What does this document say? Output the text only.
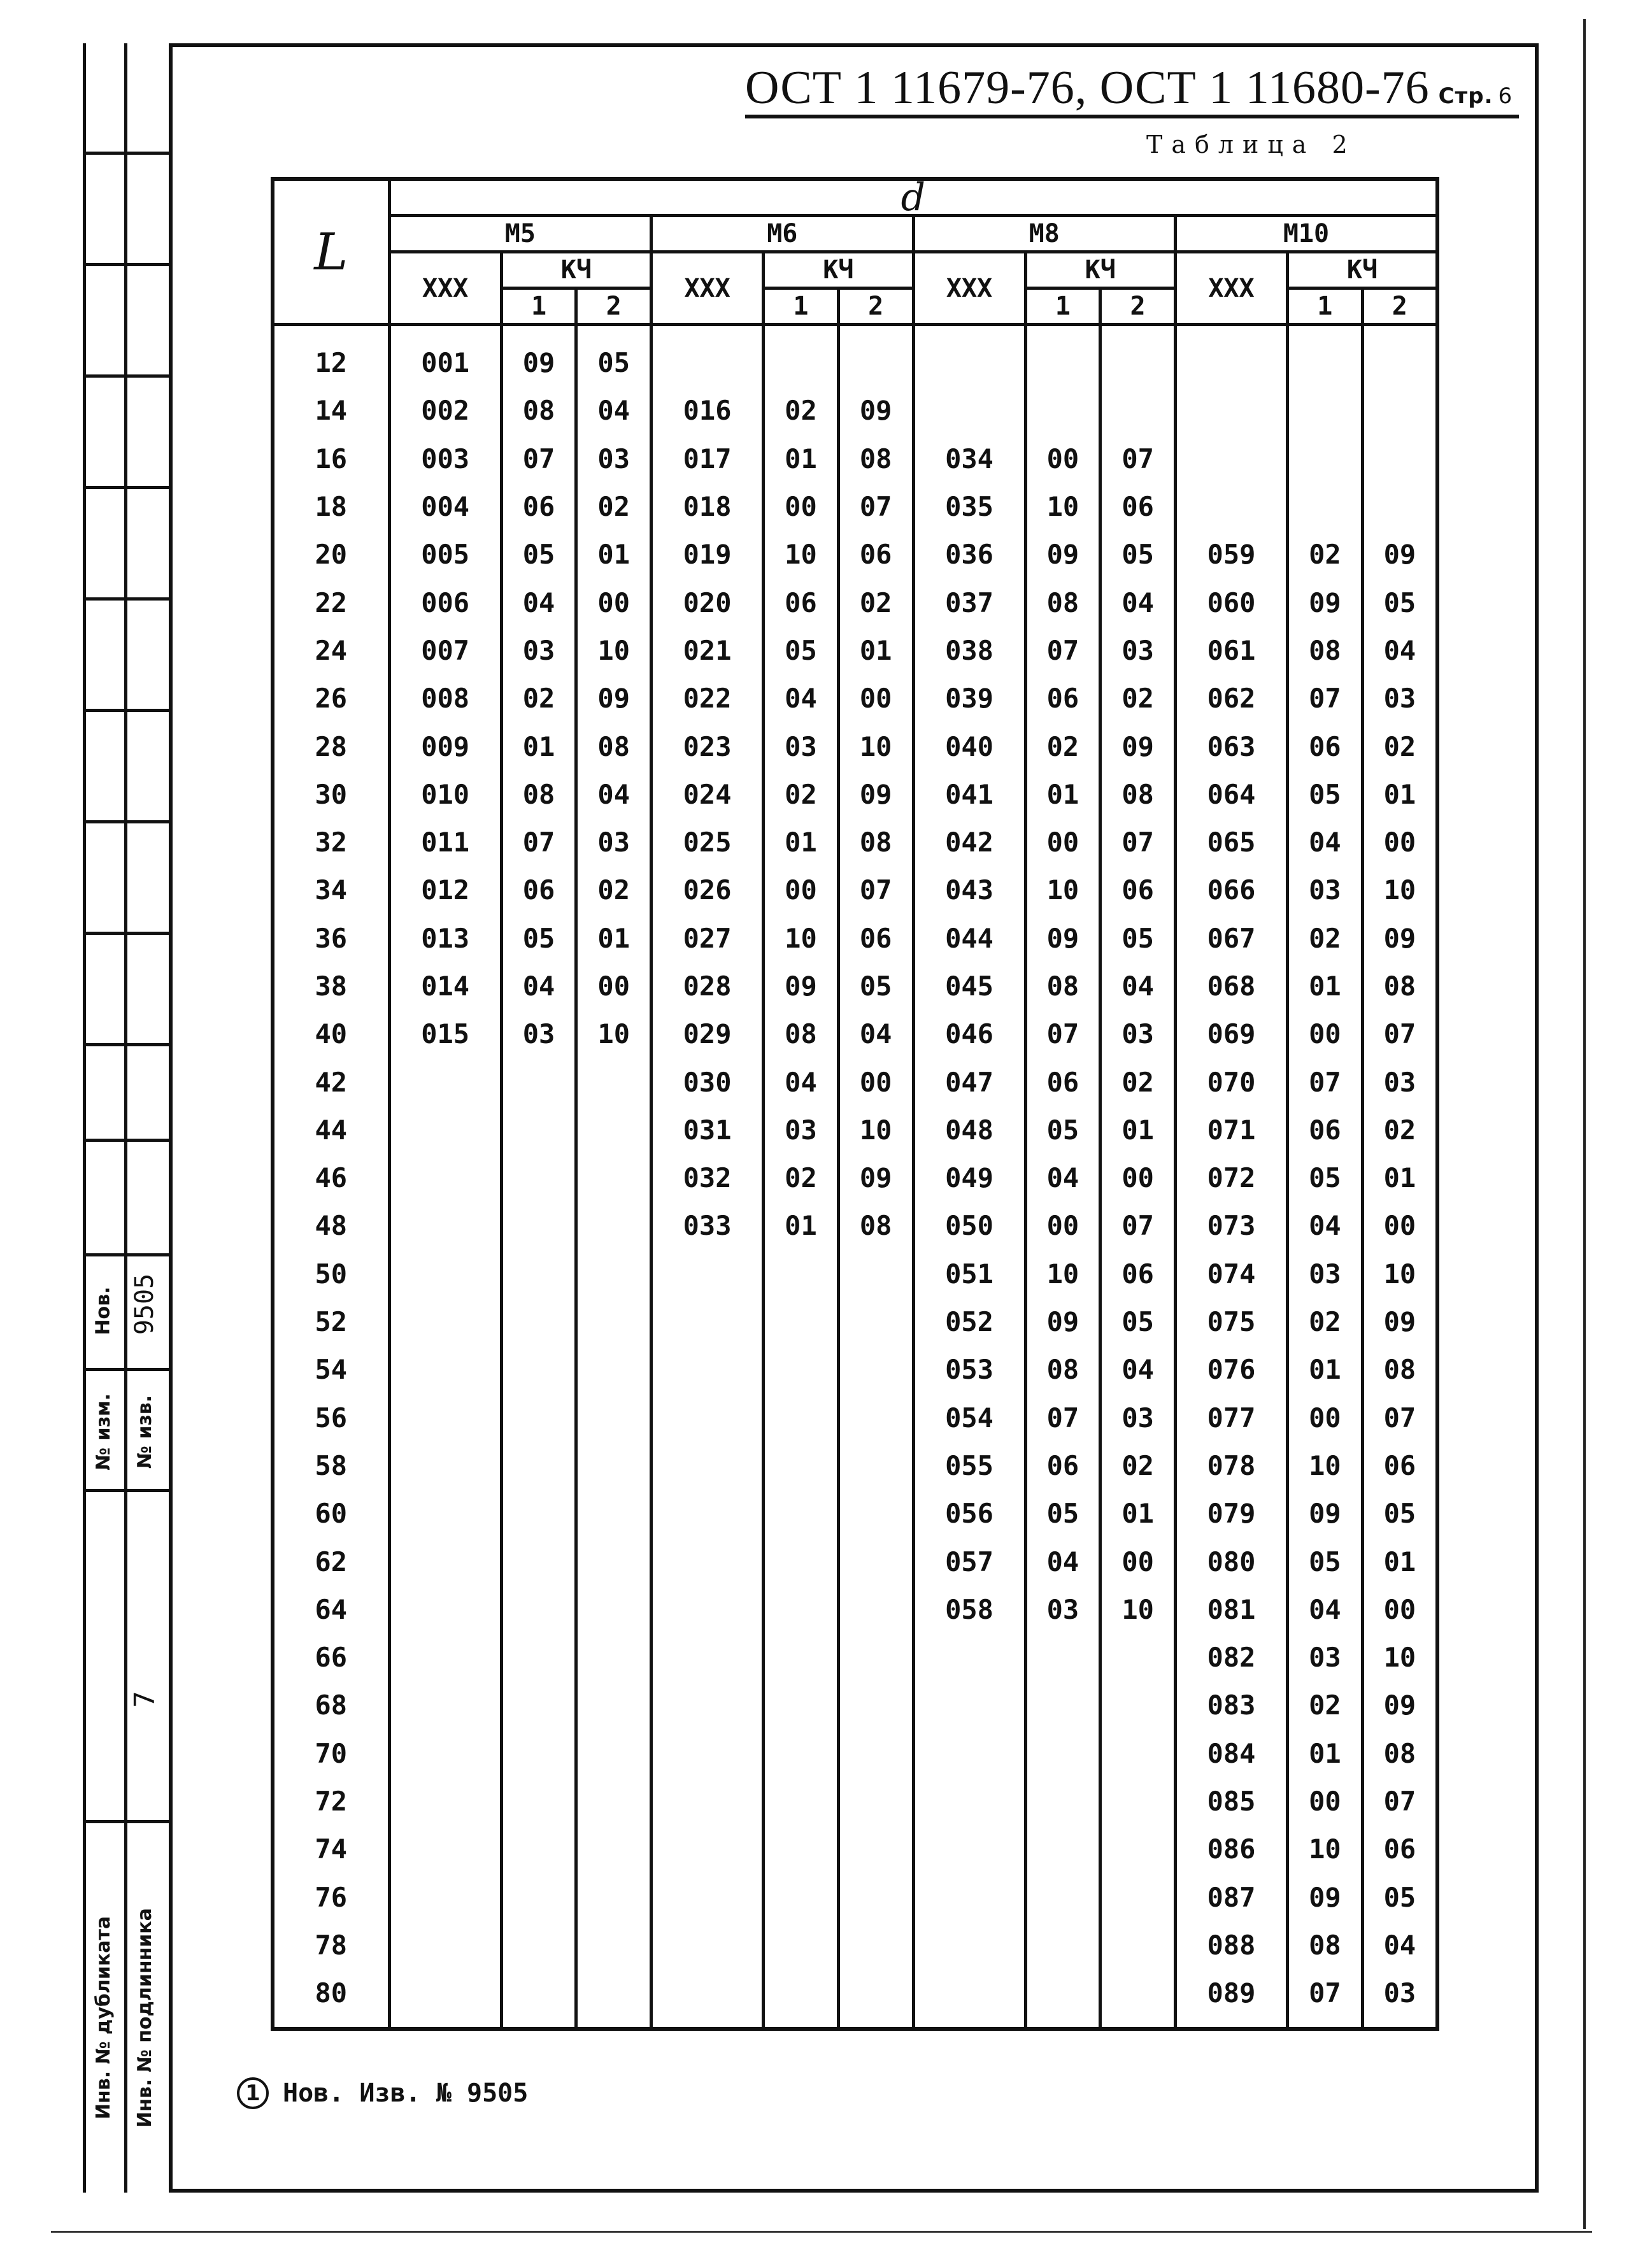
Нов.
№ изм.
9505
№ изв.
7
Инв. № дубликата Инв. № подлинника
ОСТ 1 11679-76, ОСТ 1 11680-76 Стр. 6
Таблица 2
L	d											
	M5			M6			M8			M10		
	XXX	КЧ		XXX	КЧ		XXX	КЧ		XXX	КЧ	
		1	2		1	2		1	2		1	2
12	001	09	05									
14	002	08	04	016	02	09						
16	003	07	03	017	01	08	034	00	07			
18	004	06	02	018	00	07	035	10	06			
20	005	05	01	019	10	06	036	09	05	059	02	09
22	006	04	00	020	06	02	037	08	04	060	09	05
24	007	03	10	021	05	01	038	07	03	061	08	04
26	008	02	09	022	04	00	039	06	02	062	07	03
28	009	01	08	023	03	10	040	02	09	063	06	02
30	010	08	04	024	02	09	041	01	08	064	05	01
32	011	07	03	025	01	08	042	00	07	065	04	00
34	012	06	02	026	00	07	043	10	06	066	03	10
36	013	05	01	027	10	06	044	09	05	067	02	09
38	014	04	00	028	09	05	045	08	04	068	01	08
40	015	03	10	029	08	04	046	07	03	069	00	07
42				030	04	00	047	06	02	070	07	03
44				031	03	10	048	05	01	071	06	02
46				032	02	09	049	04	00	072	05	01
48				033	01	08	050	00	07	073	04	00
50							051	10	06	074	03	10
52							052	09	05	075	02	09
54							053	08	04	076	01	08
56							054	07	03	077	00	07
58							055	06	02	078	10	06
60							056	05	01	079	09	05
62							057	04	00	080	05	01
64							058	03	10	081	04	00
66										082	03	10
68										083	02	09
70										084	01	08
72										085	00	07
74										086	10	06
76										087	09	05
78										088	08	04
80										089	07	03
1 Нов. Изв. № 9505
